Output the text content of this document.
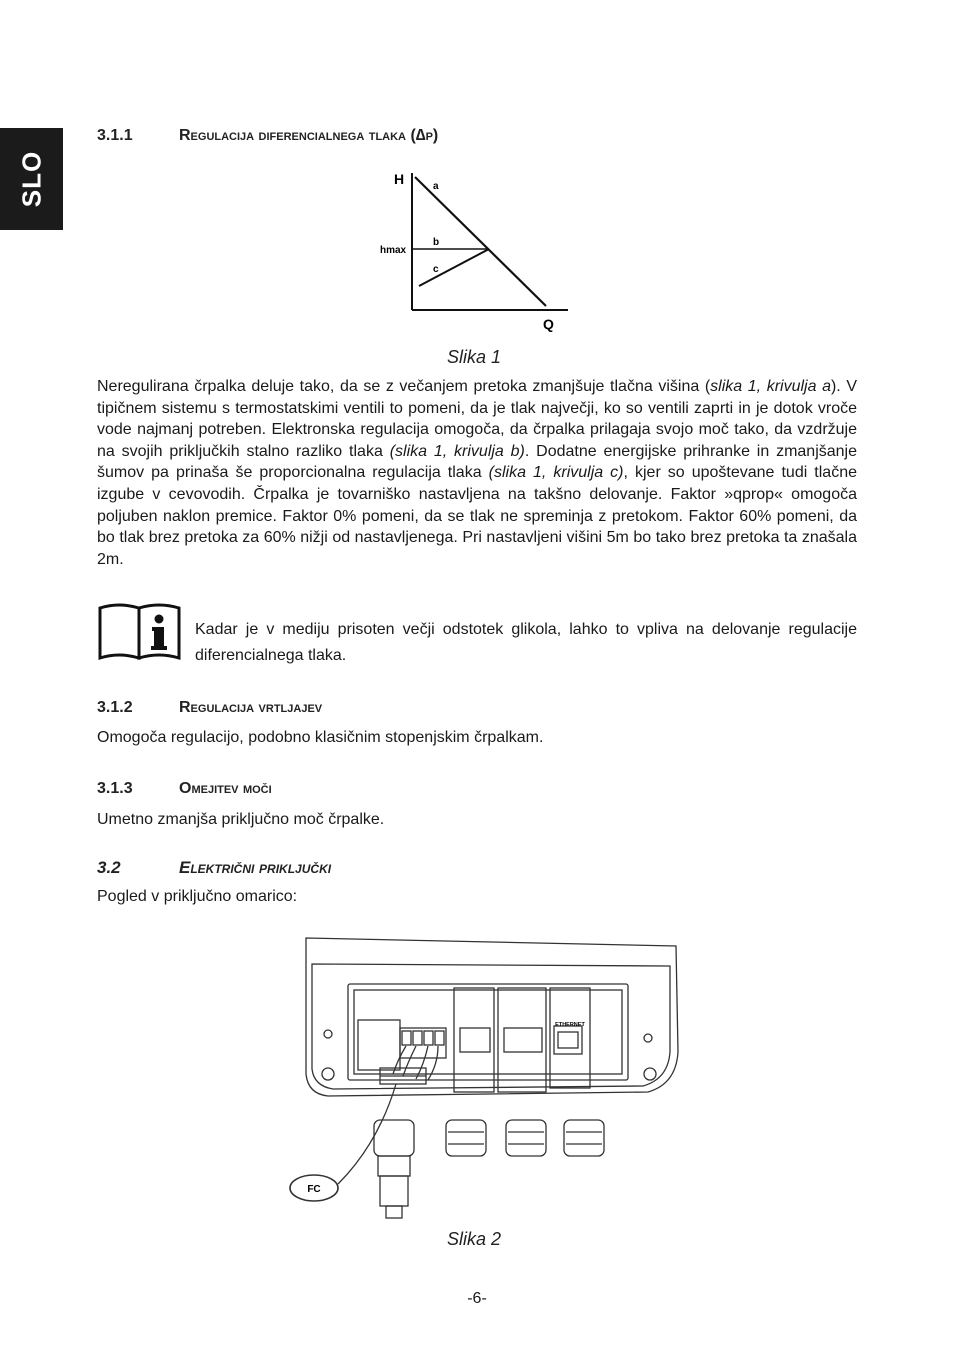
SLO
3.1.1	Regulacija diferencialnega tlaka (∆p)
H
hmax
Q
a
b
c
Slika 1

Neregulirana črpalka deluje tako, da se z večanjem pretoka zmanjšuje tlačna višina (slika 1, krivulja a). V tipičnem sistemu s termostatskimi ventili to pomeni, da je tlak največji, ko so ventili zaprti in je dotok vroče vode najmanj potreben. Elektronska regulacija omogoča, da črpalka prilagaja svojo moč tako, da vzdržuje na svojih priključkih stalno razliko tlaka (slika 1, krivulja b). Dodatne energijske prihranke in zmanjšanje šumov pa prinaša še proporcionalna regulacija tlaka (slika 1, krivulja c), kjer so upoštevane tudi tlačne izgube v cevovodih. Črpalka je tovarniško nastavljena na takšno delovanje. Faktor »qprop« omogoča poljuben naklon premice. Faktor 0% pomeni, da se tlak ne spreminja z pretokom. Faktor 60% pomeni, da bo tlak brez pretoka za 60% nižji od nastavljenega. Pri nastavljeni višini 5m bo tako brez pretoka ta znašala 2m.

Kadar je v mediju prisoten večji odstotek glikola, lahko to vpliva na delovanje regulacije diferencialnega tlaka.

3.1.2	Regulacija vrtljajev

Omogoča regulacijo, podobno klasičnim stopenjskim črpalkam.

3.1.3	Omejitev moči

Umetno zmanjša priključno moč črpalke.

3.2	Električni priključki

Pogled v priključno omarico:

FC
ETHERNET
Slika 2
-6-
